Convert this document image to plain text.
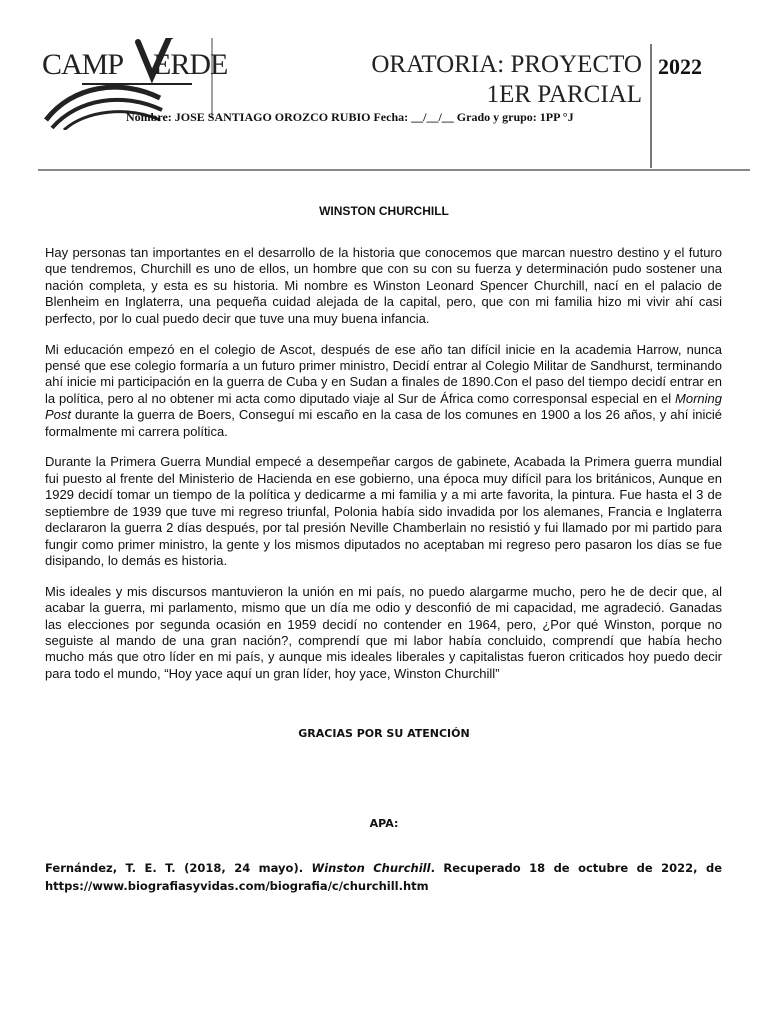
CAMP ERDE	ORATORIA: PROYECTO
1ER PARCIAL
2022
Nombre: JOSE SANTIAGO OROZCO RUBIO Fecha: __/__/__ Grado y grupo: 1PP °J
WINSTON CHURCHILL

Hay personas tan importantes en el desarrollo de la historia que conocemos que marcan nuestro destino y el futuro que tendremos, Churchill es uno de ellos, un hombre que con su con su fuerza y determinación pudo sostener una nación completa, y esta es su historia. Mi nombre es Winston Leonard Spencer Churchill, nací en el palacio de Blenheim en Inglaterra, una pequeña cuidad alejada de la capital, pero, que con mi familia hizo mi vivir ahí casi perfecto, por lo cual puedo decir que tuve una muy buena infancia.

Mi educación empezó en el colegio de Ascot, después de ese año tan difícil inicie en la academia Harrow, nunca pensé que ese colegio formaría a un futuro primer ministro, Decidí entrar al Colegio Militar de Sandhurst, terminando ahí inicie mi participación en la guerra de Cuba y en Sudan a finales de 1890.Con el paso del tiempo decidí entrar en la política, pero al no obtener mi acta como diputado viaje al Sur de África como corresponsal especial en el Morning Post durante la guerra de Boers, Conseguí mi escaño en la casa de los comunes en 1900 a los 26 años, y ahí inicié formalmente mi carrera política.

Durante la Primera Guerra Mundial empecé a desempeñar cargos de gabinete, Acabada la Primera guerra mundial fui puesto al frente del Ministerio de Hacienda en ese gobierno, una época muy difícil para los británicos, Aunque en 1929 decidí tomar un tiempo de la política y dedicarme a mi familia y a mi arte favorita, la pintura. Fue hasta el 3 de septiembre de 1939 que tuve mi regreso triunfal, Polonia había sido invadida por los alemanes, Francia e Inglaterra declararon la guerra 2 días después, por tal presión Neville Chamberlain no resistió y fui llamado por mi partido para fungir como primer ministro, la gente y los mismos diputados no aceptaban mi regreso pero pasaron los días se fue disipando, lo demás es historia.

Mis ideales y mis discursos mantuvieron la unión en mi país, no puedo alargarme mucho, pero he de decir que, al acabar la guerra, mi parlamento, mismo que un día me odio y desconfió de mi capacidad, me agradeció. Ganadas las elecciones por segunda ocasión en 1959 decidí no contender en 1964, pero, ¿Por qué Winston, porque no seguiste al mando de una gran nación?, comprendí que mi labor había concluido, comprendí que había hecho mucho más que otro líder en mi país, y aunque mis ideales liberales y capitalistas fueron criticados hoy puedo decir para todo el mundo, “Hoy yace aquí un gran líder, hoy yace, Winston Churchill”

GRACIAS POR SU ATENCIÓN
APA:
Fernández, T. E. T. (2018, 24 mayo). Winston Churchill. Recuperado 18 de octubre de 2022, de https://www.biografiasyvidas.com/biografia/c/churchill.htm
